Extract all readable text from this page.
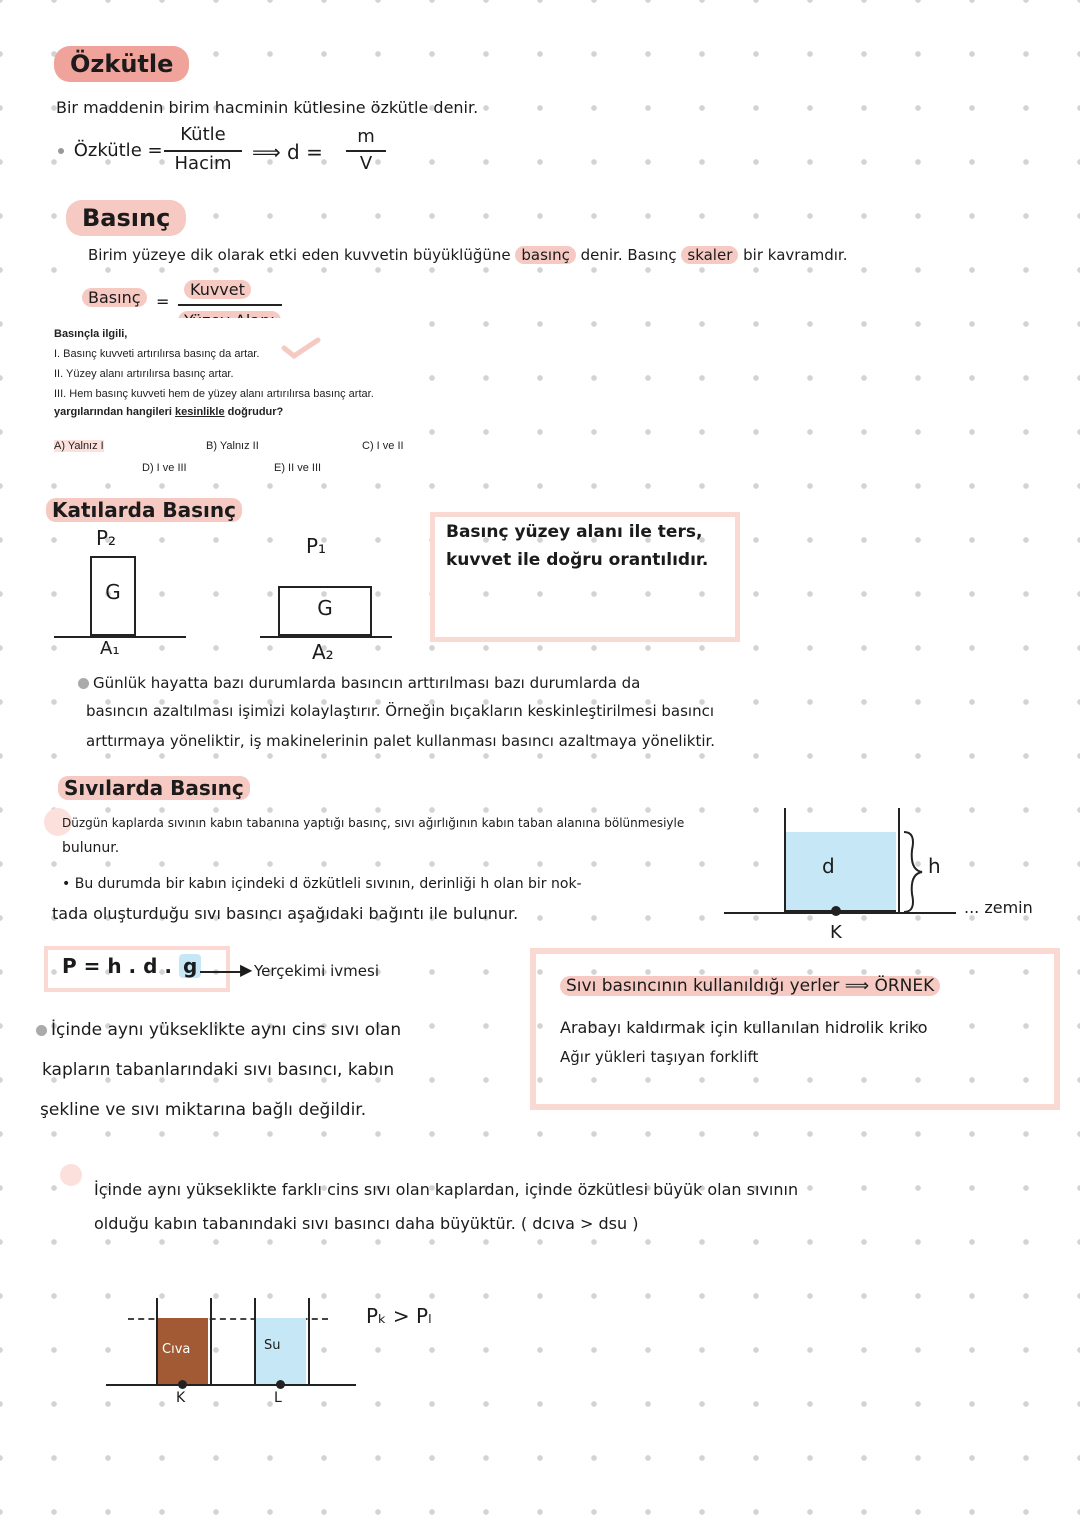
Özkütle
Bir maddenin birim hacminin kütlesine özkütle denir.
Özkütle =
Kütle
Hacim	⟹ d =
m
V
Basınç
Birim yüzeye dik olarak etki eden kuvvetin büyüklüğüne basınç denir. Basınç skaler bir kavramdır.
Basınç =
Kuvvet
Basınçla ilgili,
I. Basınç kuvveti artırılırsa basınç da artar.
II. Yüzey alanı artırılırsa basınç artar.
III. Hem basınç kuvveti hem de yüzey alanı artırılırsa basınç artar.
yargılarından hangileri kesinlikle doğrudur?
A) Yalnız I	B) Yalnız II	C) I ve II
D) I ve III	E) II ve III
Katılarda Basınç
P₂
G
A₁
P₁
G
A₂
Basınç yüzey alanı ile ters,
kuvvet ile doğru orantılıdır.
Günlük hayatta bazı durumlarda basıncın arttırılması bazı durumlarda da
basıncın azaltılması işimizi kolaylaştırır. Örneğin bıçakların keskinleştirilmesi basıncı
arttırmaya yöneliktir, iş makinelerinin palet kullanması basıncı azaltmaya yöneliktir.
Sıvılarda Basınç
Düzgün kaplarda sıvının kabın tabanına yaptığı basınç, sıvı ağırlığının kabın taban alanına bölünmesiyle
bulunur.
• Bu durumda bir kabın içindeki d özkütleli sıvının, derinliği h olan bir nok-
tada oluşturduğu sıvı basıncı aşağıdaki bağıntı ile bulunur.
d
K
h
... zemin
P = h . d . g	▶ Yerçekimi ivmesi
Sıvı basıncının kullanıldığı yerler ⟹ ÖRNEK
Arabayı kaldırmak için kullanılan hidrolik kriko
Ağır yükleri taşıyan forklift
İçinde aynı yükseklikte aynı cins sıvı olan
kapların tabanlarındaki sıvı basıncı, kabın
şekline ve sıvı miktarına bağlı değildir.
İçinde aynı yükseklikte farklı cins sıvı olan kaplardan, içinde özkütlesi büyük olan sıvının
olduğu kabın tabanındaki sıvı basıncı daha büyüktür. ( dcıva > dsu )
Cıva	Su
K	L
Pₖ > Pₗ
